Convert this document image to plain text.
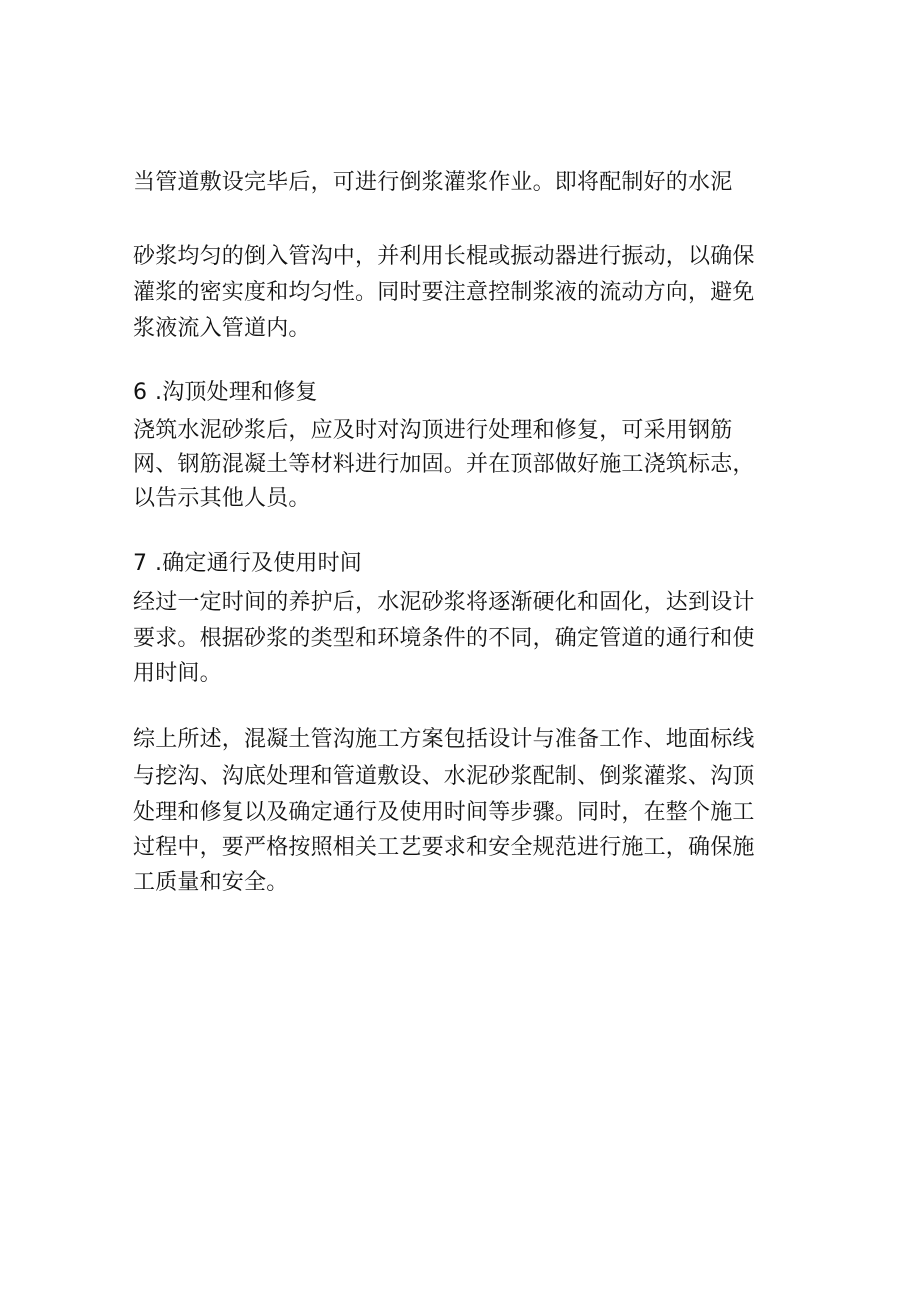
当管道敷设完毕后，可进行倒浆灌浆作业。即将配制好的水泥
砂浆均匀的倒入管沟中，并利用长棍或振动器进行振动，以确保
灌浆的密实度和均匀性。同时要注意控制浆液的流动方向，避免
浆液流入管道内。
6 .沟顶处理和修复
浇筑水泥砂浆后，应及时对沟顶进行处理和修复，可采用钢筋
网、钢筋混凝土等材料进行加固。并在顶部做好施工浇筑标志，
以告示其他人员。
7 .确定通行及使用时间
经过一定时间的养护后，水泥砂浆将逐渐硬化和固化，达到设计
要求。根据砂浆的类型和环境条件的不同，确定管道的通行和使
用时间。
综上所述，混凝土管沟施工方案包括设计与准备工作、地面标线
与挖沟、沟底处理和管道敷设、水泥砂浆配制、倒浆灌浆、沟顶
处理和修复以及确定通行及使用时间等步骤。同时，在整个施工
过程中，要严格按照相关工艺要求和安全规范进行施工，确保施
工质量和安全。
